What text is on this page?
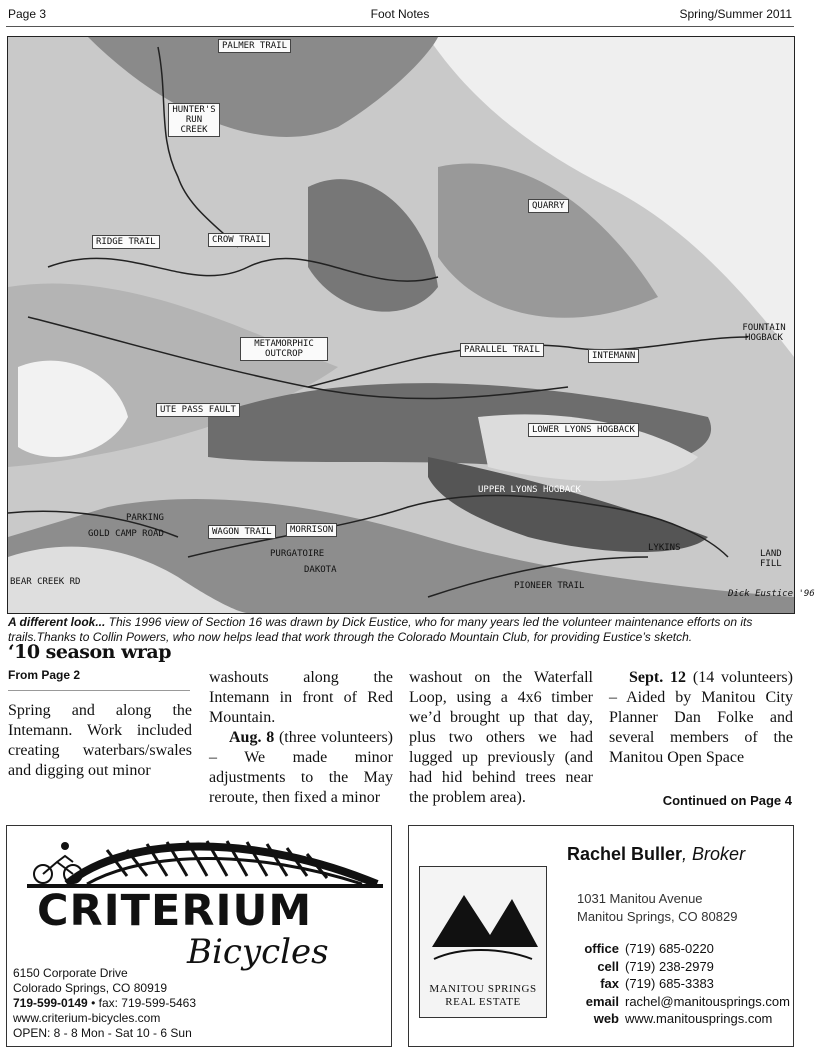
Page 3	Foot Notes	Spring/Summer 2011
PALMER TRAIL
HUNTER'S RUN CREEK
QUARRY
RIDGE TRAIL	CROW TRAIL
FOUNTAIN HOGBACK
METAMORPHIC OUTCROP	PARALLEL TRAIL
INTEMANN
UTE PASS FAULT
LOWER LYONS HOGBACK
UPPER LYONS HOGBACK
PARKING
GOLD CAMP ROAD	WAGON TRAIL	MORRISON
PURGATOIRE
DAKOTA
LYKINS
LAND FILL
PIONEER TRAIL
BEAR CREEK RD
Dick Eustice '96
A different look... This 1996 view of Section 16 was drawn by Dick Eustice, who for many years led the volunteer maintenance efforts on its trails.Thanks to Collin Powers, who now helps lead that work through the Colorado Mountain Club, for providing Eustice’s sketch.
‘10 season wrap
From Page 2

Spring and along the Intemann. Work included creating waterbars/swales and digging out minor

washouts along the Intemann in front of Red Mountain.

Aug. 8 (three volunteers) – We made minor adjustments to the May reroute, then fixed a minor

washout on the Waterfall Loop, using a 4x6 timber we’d brought up that day, plus two others we had lugged up previously (and had hid behind trees near the problem area).

Sept. 12 (14 volunteers) – Aided by Manitou City Planner Dan Folke and several members of the Manitou Open Space

Continued on Page 4
CRITERIUM
Bicycles
6150 Corporate Drive
Colorado Springs, CO 80919
719-599-0149 • fax: 719-599-5463
www.criterium-bicycles.com
OPEN: 8 - 8 Mon - Sat 10 - 6 Sun
MANITOU SPRINGS
REAL ESTATE
Rachel Buller, Broker
1031 Manitou Avenue
Manitou Springs, CO 80829
office (719) 685-0220
cell (719) 238-2979
fax (719) 685-3383
email rachel@manitousprings.com
web www.manitousprings.com
